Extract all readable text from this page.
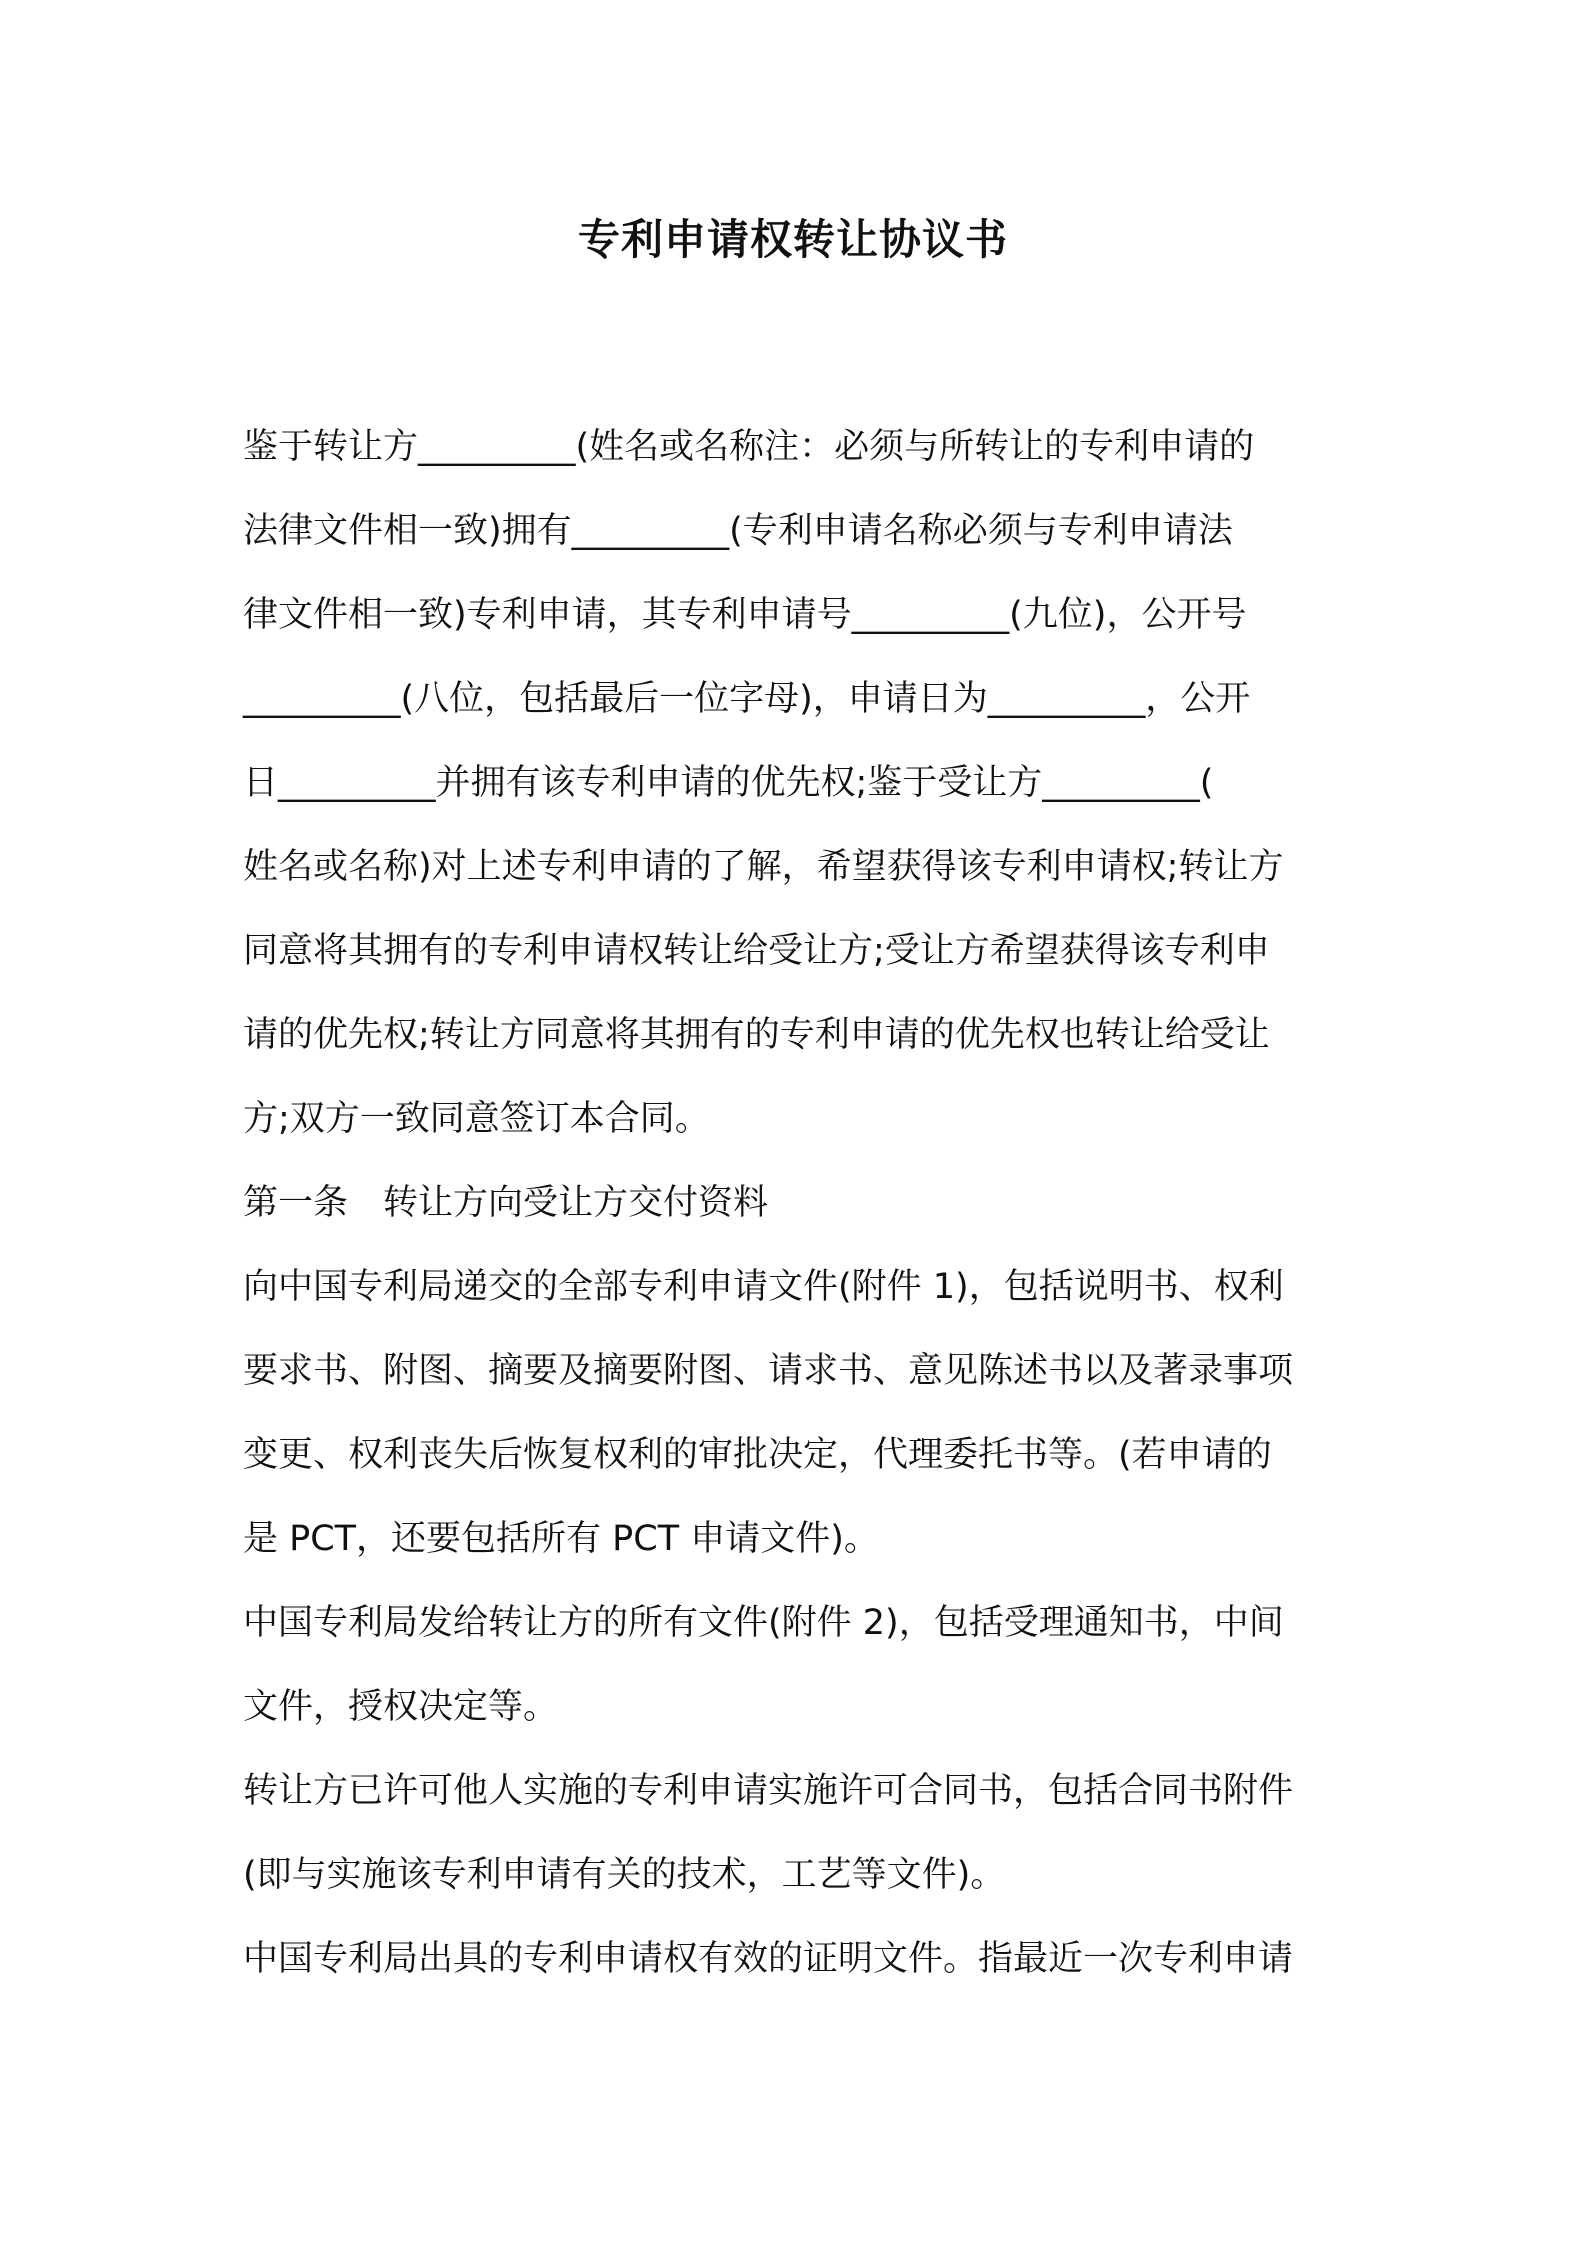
专利申请权转让协议书
鉴于转让方_________(姓名或名称注：必须与所转让的专利申请的
法律文件相一致)拥有_________(专利申请名称必须与专利申请法
律文件相一致)专利申请，其专利申请号_________(九位)，公开号
_________(八位，包括最后一位字母)，申请日为_________，公开
日_________并拥有该专利申请的优先权;鉴于受让方_________(
姓名或名称)对上述专利申请的了解，希望获得该专利申请权;转让方
同意将其拥有的专利申请权转让给受让方;受让方希望获得该专利申
请的优先权;转让方同意将其拥有的专利申请的优先权也转让给受让
方;双方一致同意签订本合同。
第一条　转让方向受让方交付资料
向中国专利局递交的全部专利申请文件(附件 1)，包括说明书、权利
要求书、附图、摘要及摘要附图、请求书、意见陈述书以及著录事项
变更、权利丧失后恢复权利的审批决定，代理委托书等。(若申请的
是 PCT，还要包括所有 PCT 申请文件)。
中国专利局发给转让方的所有文件(附件 2)，包括受理通知书，中间
文件，授权决定等。
转让方已许可他人实施的专利申请实施许可合同书，包括合同书附件
(即与实施该专利申请有关的技术，工艺等文件)。
中国专利局出具的专利申请权有效的证明文件。指最近一次专利申请
